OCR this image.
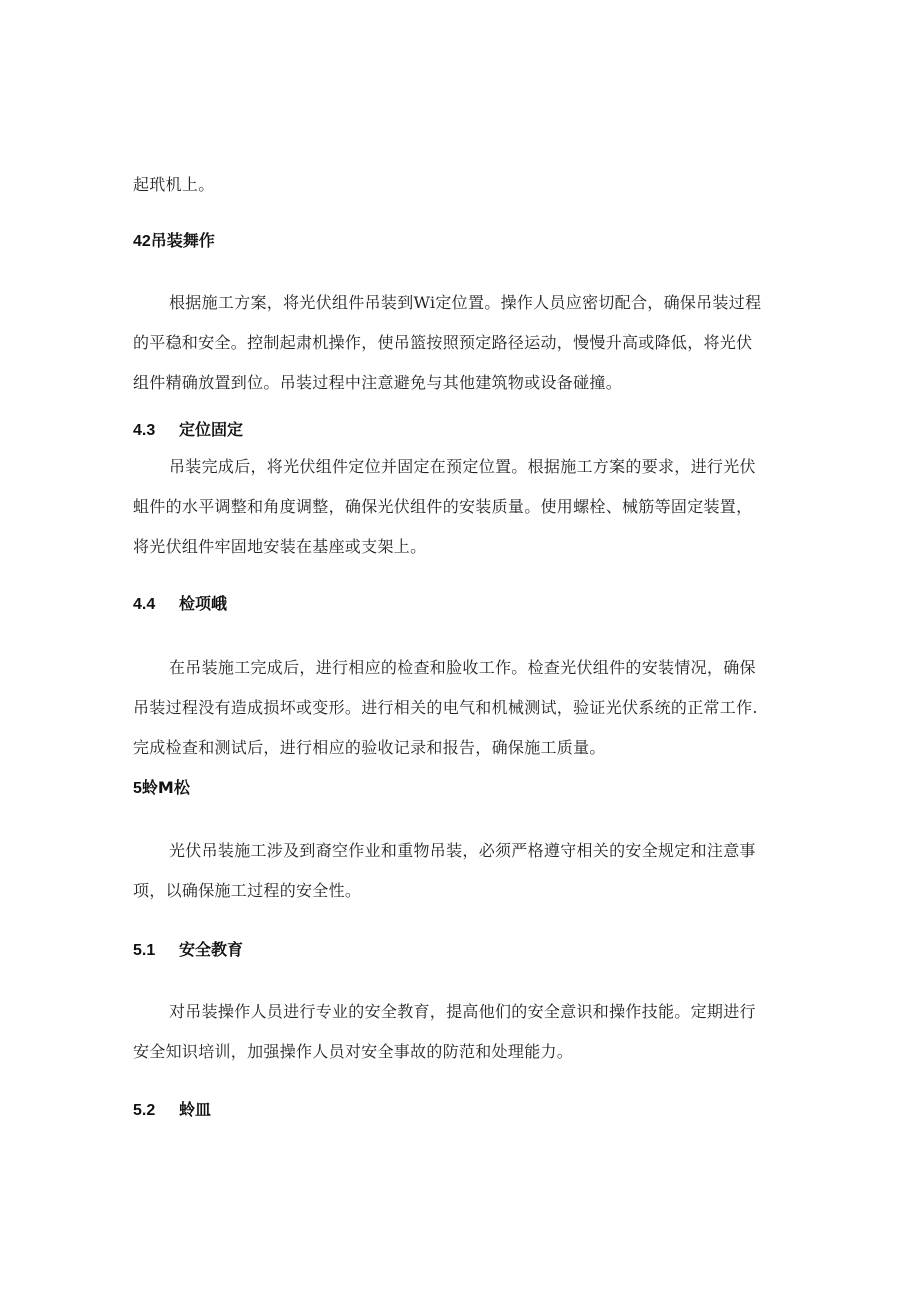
起玳机上。

42吊装舞作

根据施工方案，将光伏组件吊装到Wi定位置。操作人员应密切配合，确保吊装过程
的平稳和安全。控制起肃机操作，使吊篮按照预定路径运动，慢慢升高或降低，将光伏
组件精确放置到位。吊装过程中注意避免与其他建筑物或设备碰撞。

4.3 定位固定

吊装完成后，将光伏组件定位并固定在预定位置。根据施工方案的要求，进行光伏
蛆件的水平调整和角度调整，确保光伏组件的安装质量。使用螺栓、械筋等固定装置，
将光伏组件牢固地安装在基座或支架上。

4.4 检项峨

在吊装施工完成后，进行相应的检查和脸收工作。检查光伏组件的安装情况，确保
吊装过程没有造成损坏或变形。进行相关的电气和机械测试，验证光伏系统的正常工作.
完成检查和测试后，进行相应的验收记录和报告，确保施工质量。

5蛉M松

光伏吊装施工涉及到裔空作业和重物吊装，必须严格遵守相关的安全规定和注意事
项，以确保施工过程的安全性。

5.1 安全教育

对吊装操作人员进行专业的安全教育，提高他们的安全意识和操作技能。定期进行
安全知识培训，加强操作人员对安全事故的防范和处理能力。

5.2 蛉皿
